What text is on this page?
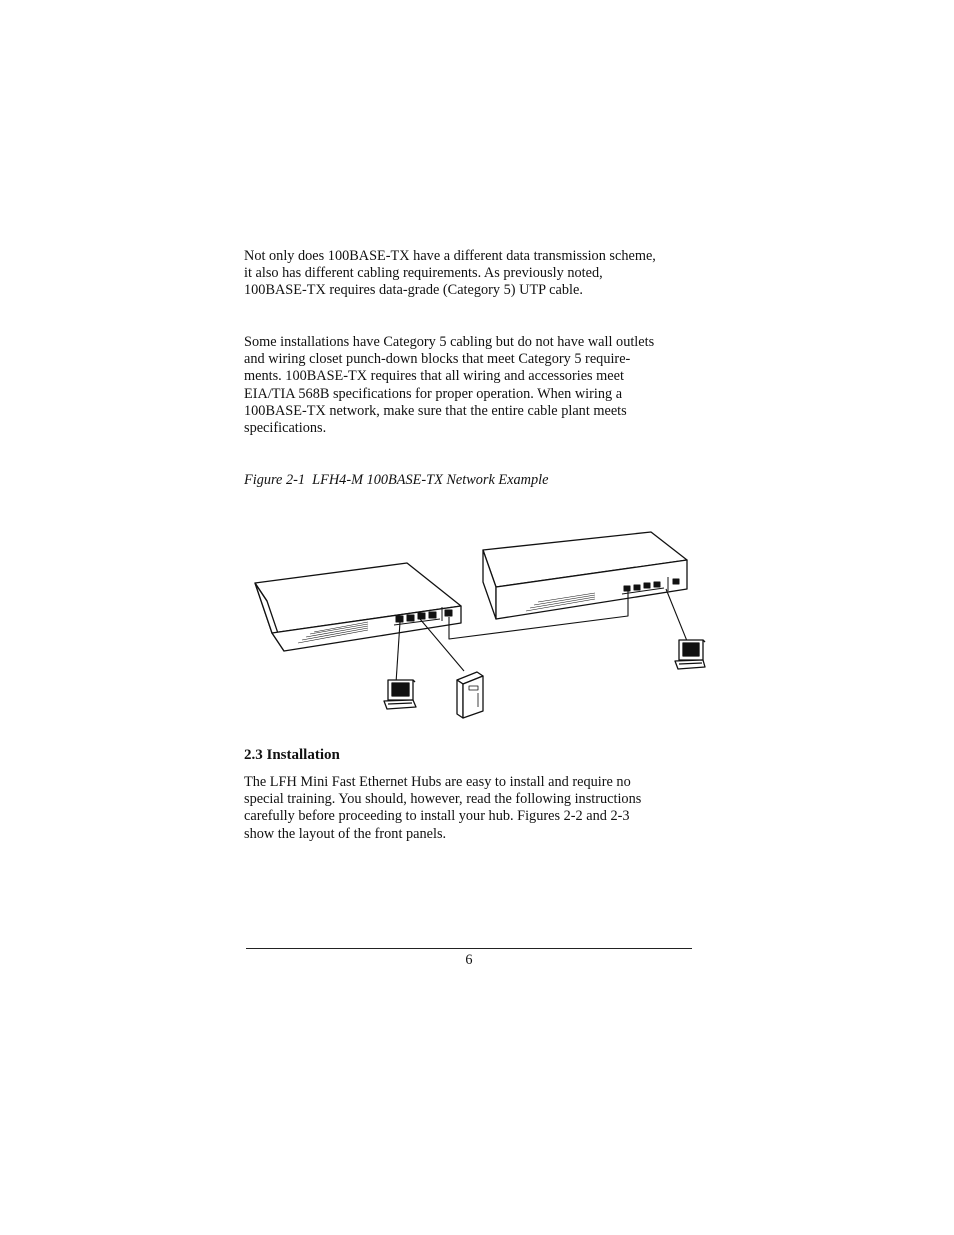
Not only does 100BASE-TX have a different data transmission scheme,
it also has different cabling requirements. As previously noted,
100BASE-TX requires data-grade (Category 5) UTP cable.
Some installations have Category 5 cabling but do not have wall outlets
and wiring closet punch-down blocks that meet Category 5 require-
ments. 100BASE-TX requires that all wiring and accessories meet
EIA/TIA 568B specifications for proper operation. When wiring a
100BASE-TX network, make sure that the entire cable plant meets
specifications.

Figure 2-1  LFH4-M 100BASE-TX Network Example

2.3 Installation

The LFH Mini Fast Ethernet Hubs are easy to install and require no
special training. You should, however, read the following instructions
carefully before proceeding to install your hub. Figures 2-2 and 2-3
show the layout of the front panels.
6
